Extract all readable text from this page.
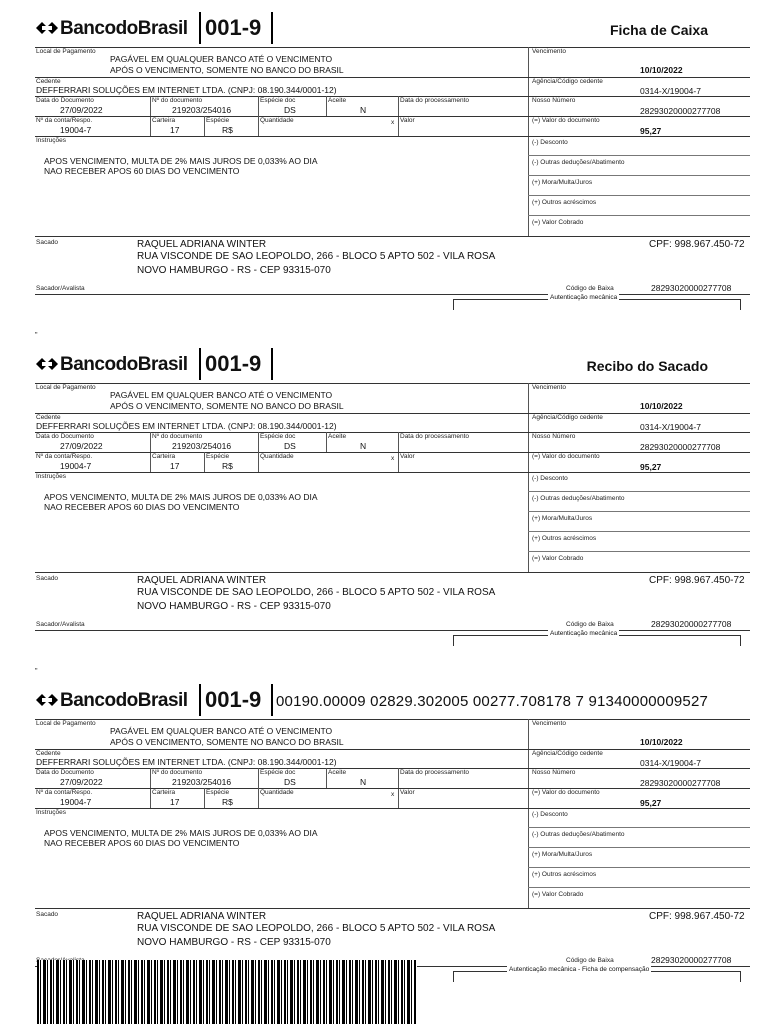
BancodoBrasil 001-9	Ficha de Caixa
Local de Pagamento
PAGÁVEL EM QUALQUER BANCO ATÉ O VENCIMENTO
APÓS O VENCIMENTO, SOMENTE NO BANCO DO BRASIL
Vencimento
10/10/2022
Cedente
DEFFERRARI SOLUÇÕES EM INTERNET LTDA. (CNPJ: 08.190.344/0001-12)
Agência/Código cedente
0314-X/19004-7
Data do Documento
27/09/2022
Nº do documento
219203/254016
Espécie doc
DS
Aceite
N
Data do processamento	Nosso Número
28293020000277708
Nº da conta/Respo.
19004-7
Carteira
17
Espécie
R$
Quantidade	x Valor	(=) Valor do documento
95,27
Instruções
APOS VENCIMENTO, MULTA DE 2% MAIS JUROS DE 0,033% AO DIA
NAO RECEBER APOS 60 DIAS DO VENCIMENTO
(-) Desconto
(-) Outras deduções/Abatimento
(+) Mora/Multa/Juros
(+) Outros acréscimos
(=) Valor Cobrado
Sacado	RAQUEL ADRIANA WINTER
RUA VISCONDE DE SAO LEOPOLDO, 266 - BLOCO 5 APTO 502 - VILA ROSA
NOVO HAMBURGO - RS - CEP 93315-070
CPF: 998.967.450-72
Sacador/Avalista	Código de Baixa	28293020000277708
Autenticação mecânica
"
BancodoBrasil 001-9	Recibo do Sacado
Local de Pagamento
PAGÁVEL EM QUALQUER BANCO ATÉ O VENCIMENTO
APÓS O VENCIMENTO, SOMENTE NO BANCO DO BRASIL
Vencimento
10/10/2022
Cedente
DEFFERRARI SOLUÇÕES EM INTERNET LTDA. (CNPJ: 08.190.344/0001-12)
Agência/Código cedente
0314-X/19004-7
Data do Documento
27/09/2022
Nº do documento
219203/254016
Espécie doc
DS
Aceite
N
Data do processamento	Nosso Número
28293020000277708
Nº da conta/Respo.
19004-7
Carteira
17
Espécie
R$
Quantidade	x Valor	(=) Valor do documento
95,27
Instruções
APOS VENCIMENTO, MULTA DE 2% MAIS JUROS DE 0,033% AO DIA
NAO RECEBER APOS 60 DIAS DO VENCIMENTO
(-) Desconto
(-) Outras deduções/Abatimento
(+) Mora/Multa/Juros
(+) Outros acréscimos
(=) Valor Cobrado
Sacado	RAQUEL ADRIANA WINTER
RUA VISCONDE DE SAO LEOPOLDO, 266 - BLOCO 5 APTO 502 - VILA ROSA
NOVO HAMBURGO - RS - CEP 93315-070
CPF: 998.967.450-72
Sacador/Avalista	Código de Baixa	28293020000277708
Autenticação mecânica
"
BancodoBrasil 001-9 00190.00009 02829.302005 00277.708178 7 91340000009527
Local de Pagamento
PAGÁVEL EM QUALQUER BANCO ATÉ O VENCIMENTO
APÓS O VENCIMENTO, SOMENTE NO BANCO DO BRASIL
Vencimento
10/10/2022
Cedente
DEFFERRARI SOLUÇÕES EM INTERNET LTDA. (CNPJ: 08.190.344/0001-12)
Agência/Código cedente
0314-X/19004-7
Data do Documento
27/09/2022
Nº do documento
219203/254016
Espécie doc
DS
Aceite
N
Data do processamento	Nosso Número
28293020000277708
Nº da conta/Respo.
19004-7
Carteira
17
Espécie
R$
Quantidade	x Valor	(=) Valor do documento
95,27
Instruções
APOS VENCIMENTO, MULTA DE 2% MAIS JUROS DE 0,033% AO DIA
NAO RECEBER APOS 60 DIAS DO VENCIMENTO
(-) Desconto
(-) Outras deduções/Abatimento
(+) Mora/Multa/Juros
(+) Outros acréscimos
(=) Valor Cobrado
Sacado	RAQUEL ADRIANA WINTER
RUA VISCONDE DE SAO LEOPOLDO, 266 - BLOCO 5 APTO 502 - VILA ROSA
NOVO HAMBURGO - RS - CEP 93315-070
CPF: 998.967.450-72
Código de Baixa	28293020000277708
Autenticação mecânica - Ficha de compensação
